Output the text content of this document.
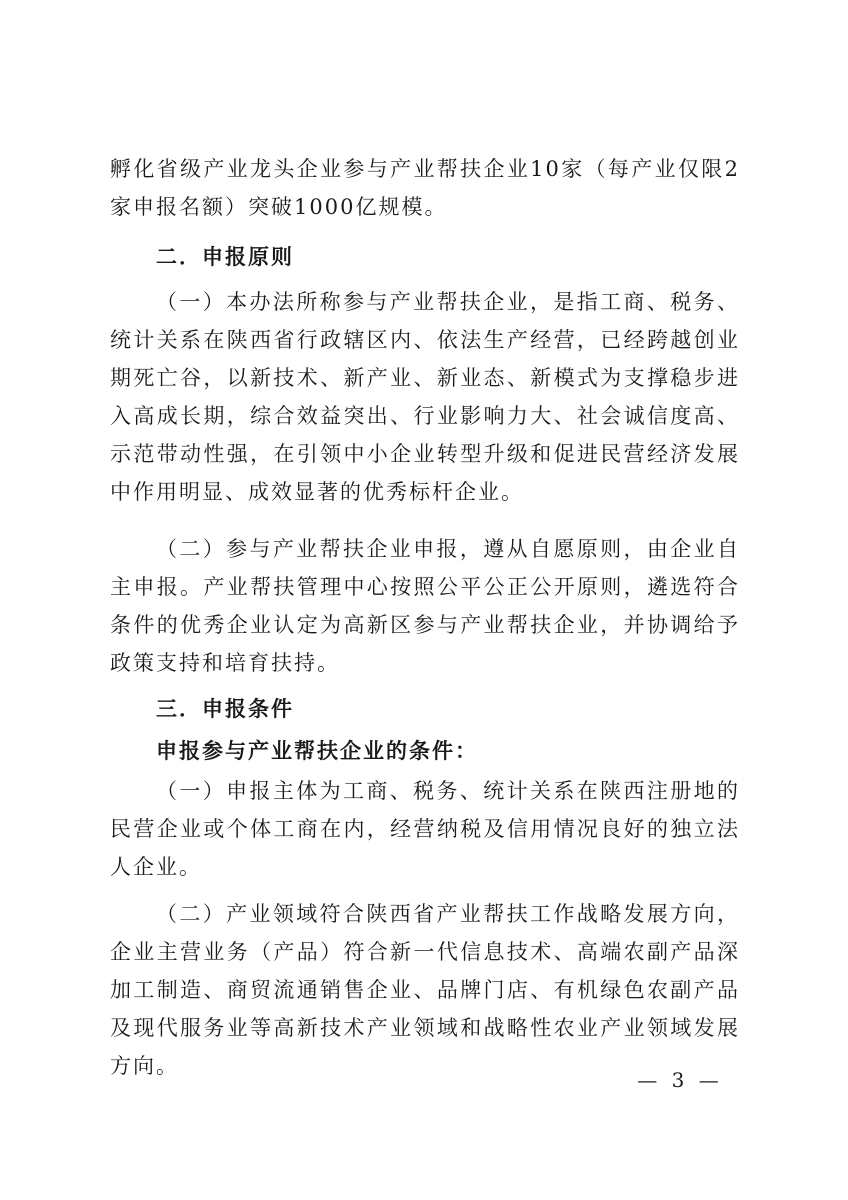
孵化省级产业龙头企业参与产业帮扶企业10家（每产业仅限2家申报名额）突破1000亿规模。

二．申报原则

（一）本办法所称参与产业帮扶企业，是指工商、税务、统计关系在陕西省行政辖区内、依法生产经营，已经跨越创业期死亡谷，以新技术、新产业、新业态、新模式为支撑稳步进入高成长期，综合效益突出、行业影响力大、社会诚信度高、示范带动性强，在引领中小企业转型升级和促进民营经济发展中作用明显、成效显著的优秀标杆企业。

（二）参与产业帮扶企业申报，遵从自愿原则，由企业自主申报。产业帮扶管理中心按照公平公正公开原则，遴选符合条件的优秀企业认定为高新区参与产业帮扶企业，并协调给予政策支持和培育扶持。

三．申报条件

申报参与产业帮扶企业的条件：

（一）申报主体为工商、税务、统计关系在陕西注册地的民营企业或个体工商在内，经营纳税及信用情况良好的独立法人企业。

（二）产业领域符合陕西省产业帮扶工作战略发展方向，企业主营业务（产品）符合新一代信息技术、高端农副产品深加工制造、商贸流通销售企业、品牌门店、有机绿色农副产品及现代服务业等高新技术产业领域和战略性农业产业领域发展方向。

— 3 —
